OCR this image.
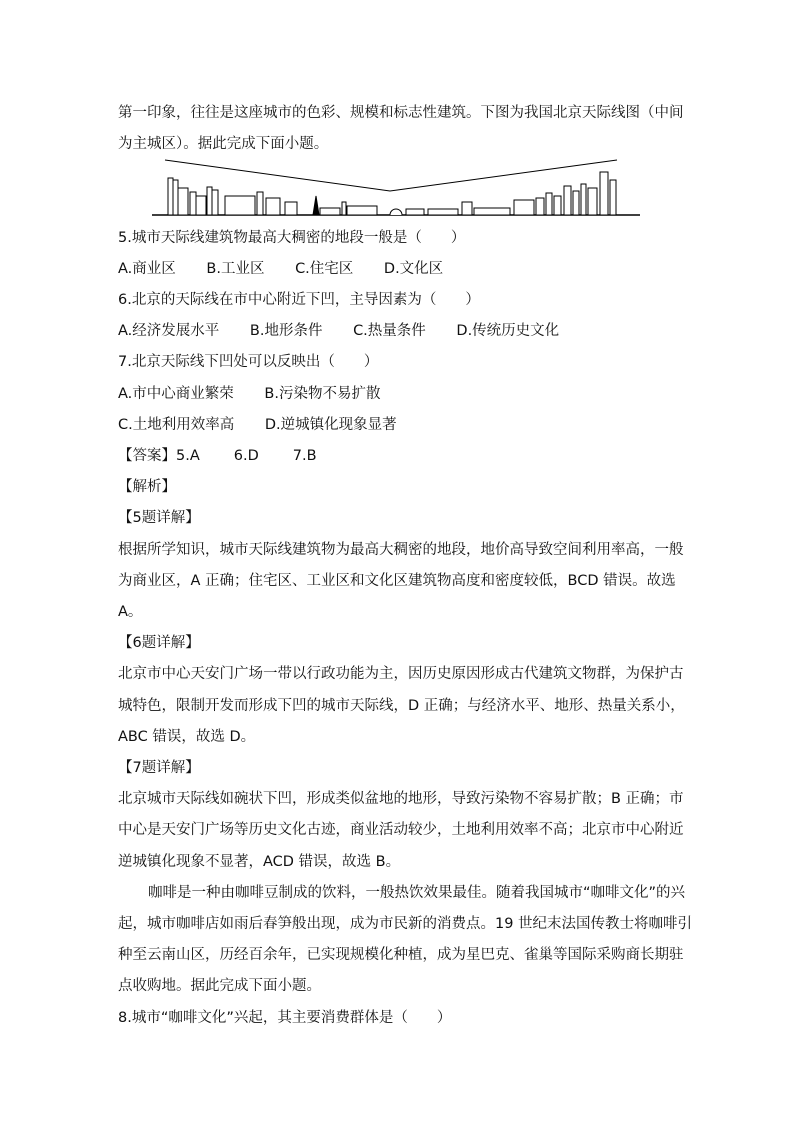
第一印象，往往是这座城市的色彩、规模和标志性建筑。下图为我国北京天际线图（中间
为主城区）。据此完成下面小题。
5.城市天际线建筑物最高大稠密的地段一般是（　　）
A.商业区 B.工业区 C.住宅区 D.文化区
6.北京的天际线在市中心附近下凹，主导因素为（　　）
A.经济发展水平 B.地形条件 C.热量条件 D.传统历史文化
7.北京天际线下凹处可以反映出（　　）
A.市中心商业繁荣 B.污染物不易扩散
C.土地利用效率高 D.逆城镇化现象显著
【答案】5.A 6.D 7.B
【解析】
【5题详解】
根据所学知识，城市天际线建筑物为最高大稠密的地段，地价高导致空间利用率高，一般
为商业区，A 正确；住宅区、工业区和文化区建筑物高度和密度较低，BCD 错误。故选
A。
【6题详解】
北京市中心天安门广场一带以行政功能为主，因历史原因形成古代建筑文物群，为保护古
城特色，限制开发而形成下凹的城市天际线，D 正确；与经济水平、地形、热量关系小，
ABC 错误，故选 D。
【7题详解】
北京城市天际线如碗状下凹，形成类似盆地的地形，导致污染物不容易扩散；B 正确；市
中心是天安门广场等历史文化古迹，商业活动较少，土地利用效率不高；北京市中心附近
逆城镇化现象不显著，ACD 错误，故选 B。
咖啡是一种由咖啡豆制成的饮料，一般热饮效果最佳。随着我国城市“咖啡文化”的兴
起，城市咖啡店如雨后春笋般出现，成为市民新的消费点。19 世纪末法国传教士将咖啡引
种至云南山区，历经百余年，已实现规模化种植，成为星巴克、雀巢等国际采购商长期驻
点收购地。据此完成下面小题。
8.城市“咖啡文化”兴起，其主要消费群体是（　　）
